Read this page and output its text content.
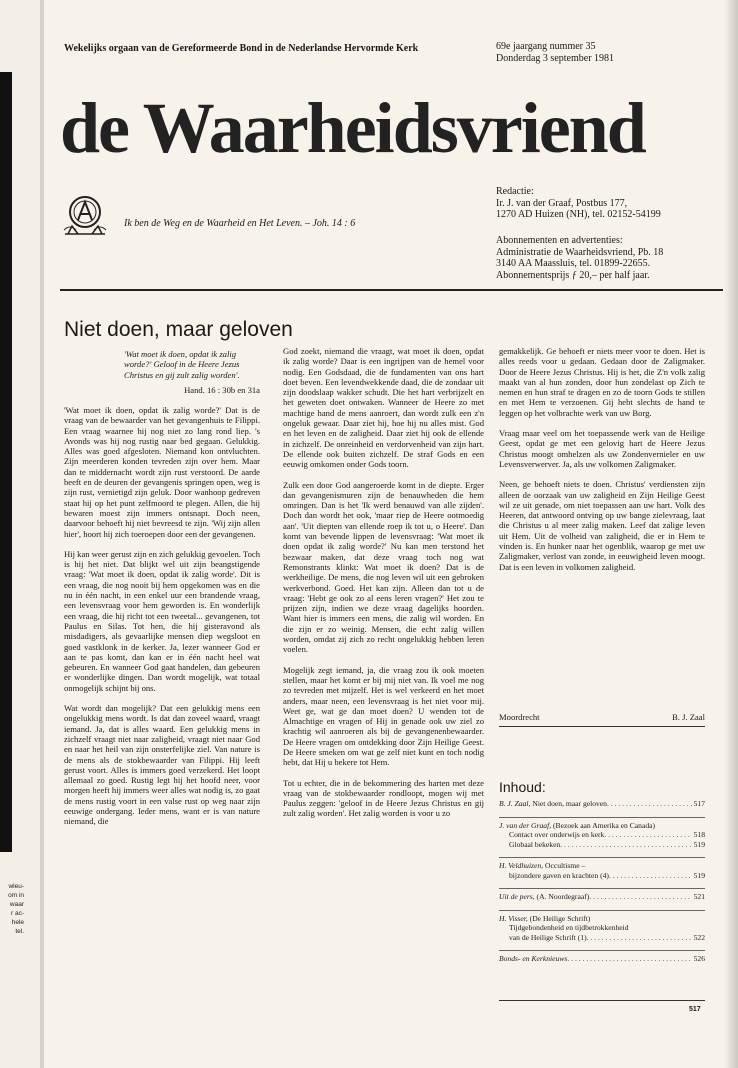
wleu-
om in
waar
r ac-
hele
tel.
Wekelijks orgaan van de Gereformeerde Bond in de Nederlandse Hervormde Kerk	69e jaargang nummer 35
Donderdag 3 september 1981
de Waarheidsvriend
Ik ben de Weg en de Waarheid en Het Leven. – Joh. 14 : 6
Redactie:
Ir. J. van der Graaf, Postbus 177,
1270 AD Huizen (NH), tel. 02152-54199
Abonnementen en advertenties:
Administratie de Waarheidsvriend, Pb. 18
3140 AA Maassluis, tel. 01899-22655.
Abonnementsprijs ƒ 20,– per half jaar.
Niet doen, maar geloven
'Wat moet ik doen, opdat ik zalig worde?' Geloof in de Heere Jezus Christus en gij zult zalig worden'.
Hand. 16 : 30b en 31a

'Wat moet ik doen, opdat ik zalig worde?' Dat is de vraag van de bewaarder van het gevangenhuis te Filippi. Een vraag waarnee hij nog niet zo lang rond liep. 's Avonds was hij nog rustig naar bed gegaan. Gelukkig. Alles was goed afgesloten. Niemand kon ontvluchten. Zijn meerderen konden tevreden zijn over hem. Maar dan te middernacht wordt zijn rust verstoord. De aarde beeft en de deuren der gevangenis springen open, weg is zijn rust, vernietigd zijn geluk. Door wanhoop gedreven staat hij op het punt zelfmoord te plegen. Allen, die hij bewaren moest zijn immers ontsnapt. Doch neen, daarvoor behoeft hij niet bevreesd te zijn. 'Wij zijn allen hier', hoort hij zich toeroepen door een der gevangenen.

Hij kan weer gerust zijn en zich gelukkig gevoelen. Toch is hij het niet. Dat blijkt wel uit zijn beangstigende vraag: 'Wat moet ik doen, opdat ik zalig worde'. Dit is een vraag, die nog nooit bij hem opgekomen was en die nu in één nacht, in een enkel uur een brandende vraag, een levensvraag voor hem geworden is. En wonderlijk een vraag, die hij richt tot een tweetal... gevangenen, tot Paulus en Silas. Tot hen, die hij gisteravond als misdadigers, als gevaarlijke mensen diep wegsloot en goed vastklonk in de kerker. Ja, lezer wanneer God er aan te pas komt, dan kan er in één nacht heel wat gebeuren. En wanneer God gaat handelen, dan gebeuren er wonderlijke dingen. Dan wordt mogelijk, wat totaal onmogelijk schijnt bij ons.

Wat wordt dan mogelijk? Dat een gelukkig mens een ongelukkig mens wordt. Is dat dan zoveel waard, vraagt iemand. Ja, dat is alles waard. Een gelukkig mens in zichzelf vraagt niet naar zaligheid, vraagt niet naar God en naar het heil van zijn onsterfelijke ziel. Van nature is de mens als de stokbewaarder van Filippi. Hij leeft gerust voort. Alles is immers goed verzekerd. Het loopt allemaal zo goed. Rustig legt hij het hoofd neer, voor morgen heeft hij immers weer alles wat nodig is, zo gaat de mens rustig voort in een valse rust op weg naar zijn eeuwige ondergang. Ieder mens, want er is van nature niemand, die

God zoekt, niemand die vraagt, wat moet ik doen, opdat ik zalig worde? Daar is een ingrijpen van de hemel voor nodig. Een Godsdaad, die de fundamenten van ons hart doet beven. Een levendwekkende daad, die de zondaar uit zijn doodslaap wakker schudt. Die het hart verbrijzelt en het geweten doet ontwaken. Wanneer de Heere zo met machtige hand de mens aanroert, dan wordt zulk een z'n ongeluk gewaar. Daar ziet hij, hoe hij nu alles mist. God en het leven en de zaligheid. Daar ziet hij ook de ellende in zichzelf. De onreinheid en verdorvenheid van zijn hart. De ellende ook buiten zichzelf. De straf Gods en een eeuwig omkomen onder Gods toorn.

Zulk een door God aangeroerde komt in de diepte. Erger dan gevangenismuren zijn de benauwheden die hem omringen. Dan is het 'Ik werd benauwd van alle zijden'. Doch dan wordt het ook, 'maar riep de Heere ootmoedig aan'. 'Uit diepten van ellende roep ik tot u, o Heere'. Dan komt van bevende lippen de levensvraag: 'Wat moet ik doen opdat ik zalig worde?' Nu kan men terstond het bezwaar maken, dat deze vraag toch nog wat Remonstrants klinkt: Wat moet ik doen? Dat is de werkheilige. De mens, die nog leven wil uit een gebroken werkverbond. Goed. Het kan zijn. Alleen dan tot u de vraag: 'Hebt ge ook zo al eens leren vragen?' Het zou te prijzen zijn, indien we deze vraag dagelijks hoorden. Want hier is immers een mens, die zalig wil worden. En die zijn er zo weinig. Mensen, die echt zalig willen worden, omdat zij zich zo recht ongelukkig hebben leren voelen.

Mogelijk zegt iemand, ja, die vraag zou ik ook moeten stellen, maar het komt er bij mij niet van. Ik voel me nog zo tevreden met mijzelf. Het is wel verkeerd en het moet anders, maar neen, een levensvraag is het niet voor mij. Weet ge, wat ge dan moet doen? U wenden tot de Almachtige en vragen of Hij in genade ook uw ziel zo krachtig wil aanroeren als bij de gevangenenbewaarder. De Heere vragen om ontdekking door Zijn Heilige Geest. De Heere smeken om wat ge zelf niet kunt en toch nodig hebt, dat Hij u bekere tot Hem.

Tot u echter, die in de bekommering des harten met deze vraag van de stokbewaarder rondloopt, mogen wij met Paulus zeggen: 'geloof in de Heere Jezus Christus en gij zult zalig worden'. Het zalig worden is voor u zo

gemakkelijk. Ge behoeft er niets meer voor te doen. Het is alles reeds voor u gedaan. Gedaan door de Zaligmaker. Door de Heere Jezus Christus. Hij is het, die Z'n volk zalig maakt van al hun zonden, door hun zondelast op Zich te nemen en hun straf te dragen en zo de toorn Gods te stillen en met Hem te verzoenen. Gij hebt slechts de hand te leggen op het volbrachte werk van uw Borg.

Vraag maar veel om het toepassende werk van de Heilige Geest, opdat ge met een gelovig hart de Heere Jezus Christus moogt omhelzen als uw Zondenvernieler en uw Levensverwerver. Ja, als uw volkomen Zaligmaker.

Neen, ge behoeft niets te doen. Christus' verdiensten zijn alleen de oorzaak van uw zaligheid en Zijn Heilige Geest wil ze uit genade, om niet toepassen aan uw hart. Volk des Heeren, dat antwoord ontving op uw bange zielevraag, laat die Christus u al meer zalig maken. Leef dat zalige leven uit Hem. Uit de volheid van zaligheid, die er in Hem te vinden is. En hunker naar het ogenblik, waarop ge met uw Zaligmaker, verlost van zonde, in eeuwigheid leven moogt. Dat is een leven in volkomen zaligheid.

Moordrecht	B. J. Zaal
Inhoud:
B. J. Zaal, Niet doen, maar geloven . . .	517
J. van der Graaf, (Bezoek aan Amerika en Canada)
Contact over onderwijs en kerk . . .	518
Globaal bekeken . . .	519
H. Veldhuizen, Occultisme –
bijzondere gaven en krachten (4) . . .	519
Uit de pers, (A. Noordegraaf) . . .	521
H. Visser, (De Heilige Schrift)
Tijdgebondenheid en tijdbetrokkenheid
van de Heilige Schrift (1) . . .	522
Bonds- en Kerknieuws . . .	526
517
